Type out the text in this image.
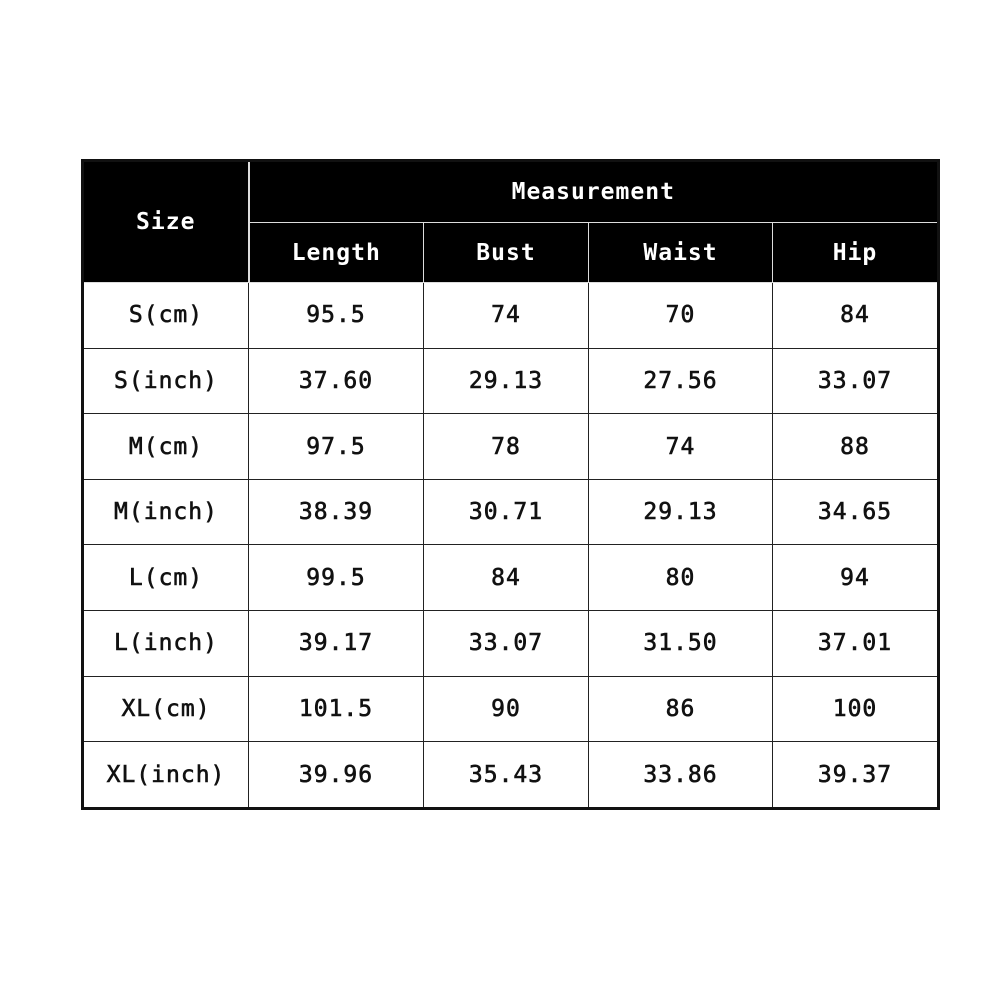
Size	Measurement			
	Length	Bust	Waist	Hip
S(cm)	95.5	74	70	84
S(inch)	37.60	29.13	27.56	33.07
M(cm)	97.5	78	74	88
M(inch)	38.39	30.71	29.13	34.65
L(cm)	99.5	84	80	94
L(inch)	39.17	33.07	31.50	37.01
XL(cm)	101.5	90	86	100
XL(inch)	39.96	35.43	33.86	39.37
